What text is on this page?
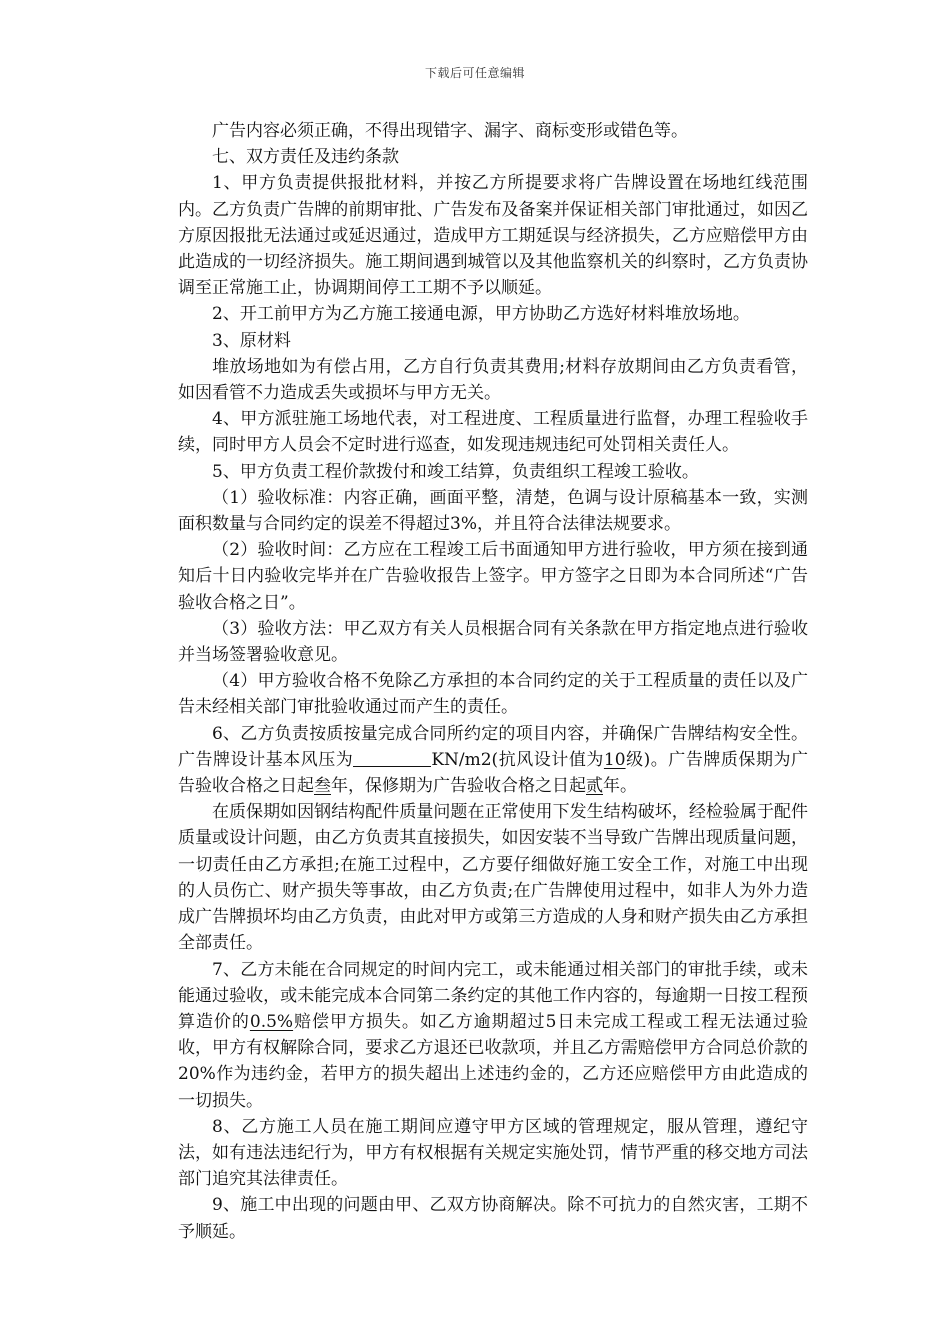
下载后可任意编辑

广告内容必须正确，不得出现错字、漏字、商标变形或错色等。

七、双方责任及违约条款

1、甲方负责提供报批材料，并按乙方所提要求将广告牌设置在场地红线范围内。乙方负责广告牌的前期审批、广告发布及备案并保证相关部门审批通过，如因乙方原因报批无法通过或延迟通过，造成甲方工期延误与经济损失，乙方应赔偿甲方由此造成的一切经济损失。施工期间遇到城管以及其他监察机关的纠察时，乙方负责协调至正常施工止，协调期间停工工期不予以顺延。

2、开工前甲方为乙方施工接通电源，甲方协助乙方选好材料堆放场地。

3、原材料

堆放场地如为有偿占用，乙方自行负责其费用;材料存放期间由乙方负责看管，如因看管不力造成丢失或损坏与甲方无关。

4、甲方派驻施工场地代表，对工程进度、工程质量进行监督，办理工程验收手续，同时甲方人员会不定时进行巡查，如发现违规违纪可处罚相关责任人。

5、甲方负责工程价款拨付和竣工结算，负责组织工程竣工验收。

（1）验收标准：内容正确，画面平整，清楚，色调与设计原稿基本一致，实测面积数量与合同约定的误差不得超过3%，并且符合法律法规要求。

（2）验收时间：乙方应在工程竣工后书面通知甲方进行验收，甲方须在接到通知后十日内验收完毕并在广告验收报告上签字。甲方签字之日即为本合同所述“广告验收合格之日”。

（3）验收方法：甲乙双方有关人员根据合同有关条款在甲方指定地点进行验收并当场签署验收意见。

（4）甲方验收合格不免除乙方承担的本合同约定的关于工程质量的责任以及广告未经相关部门审批验收通过而产生的责任。

6、乙方负责按质按量完成合同所约定的项目内容，并确保广告牌结构安全性。广告牌设计基本风压为	KN/m2(抗风设计值为10级)。广告牌质保期为广告验收合格之日起叁年，保修期为广告验收合格之日起贰年。

在质保期如因钢结构配件质量问题在正常使用下发生结构破坏，经检验属于配件质量或设计问题，由乙方负责其直接损失，如因安装不当导致广告牌出现质量问题，一切责任由乙方承担;在施工过程中，乙方要仔细做好施工安全工作，对施工中出现的人员伤亡、财产损失等事故，由乙方负责;在广告牌使用过程中，如非人为外力造成广告牌损坏均由乙方负责，由此对甲方或第三方造成的人身和财产损失由乙方承担全部责任。

7、乙方未能在合同规定的时间内完工，或未能通过相关部门的审批手续，或未能通过验收，或未能完成本合同第二条约定的其他工作内容的，每逾期一日按工程预算造价的0.5%赔偿甲方损失。如乙方逾期超过5日未完成工程或工程无法通过验收，甲方有权解除合同，要求乙方退还已收款项，并且乙方需赔偿甲方合同总价款的20%作为违约金，若甲方的损失超出上述违约金的，乙方还应赔偿甲方由此造成的一切损失。

8、乙方施工人员在施工期间应遵守甲方区域的管理规定，服从管理，遵纪守法，如有违法违纪行为，甲方有权根据有关规定实施处罚，情节严重的移交地方司法部门追究其法律责任。

9、施工中出现的问题由甲、乙双方协商解决。除不可抗力的自然灾害，工期不予顺延。
